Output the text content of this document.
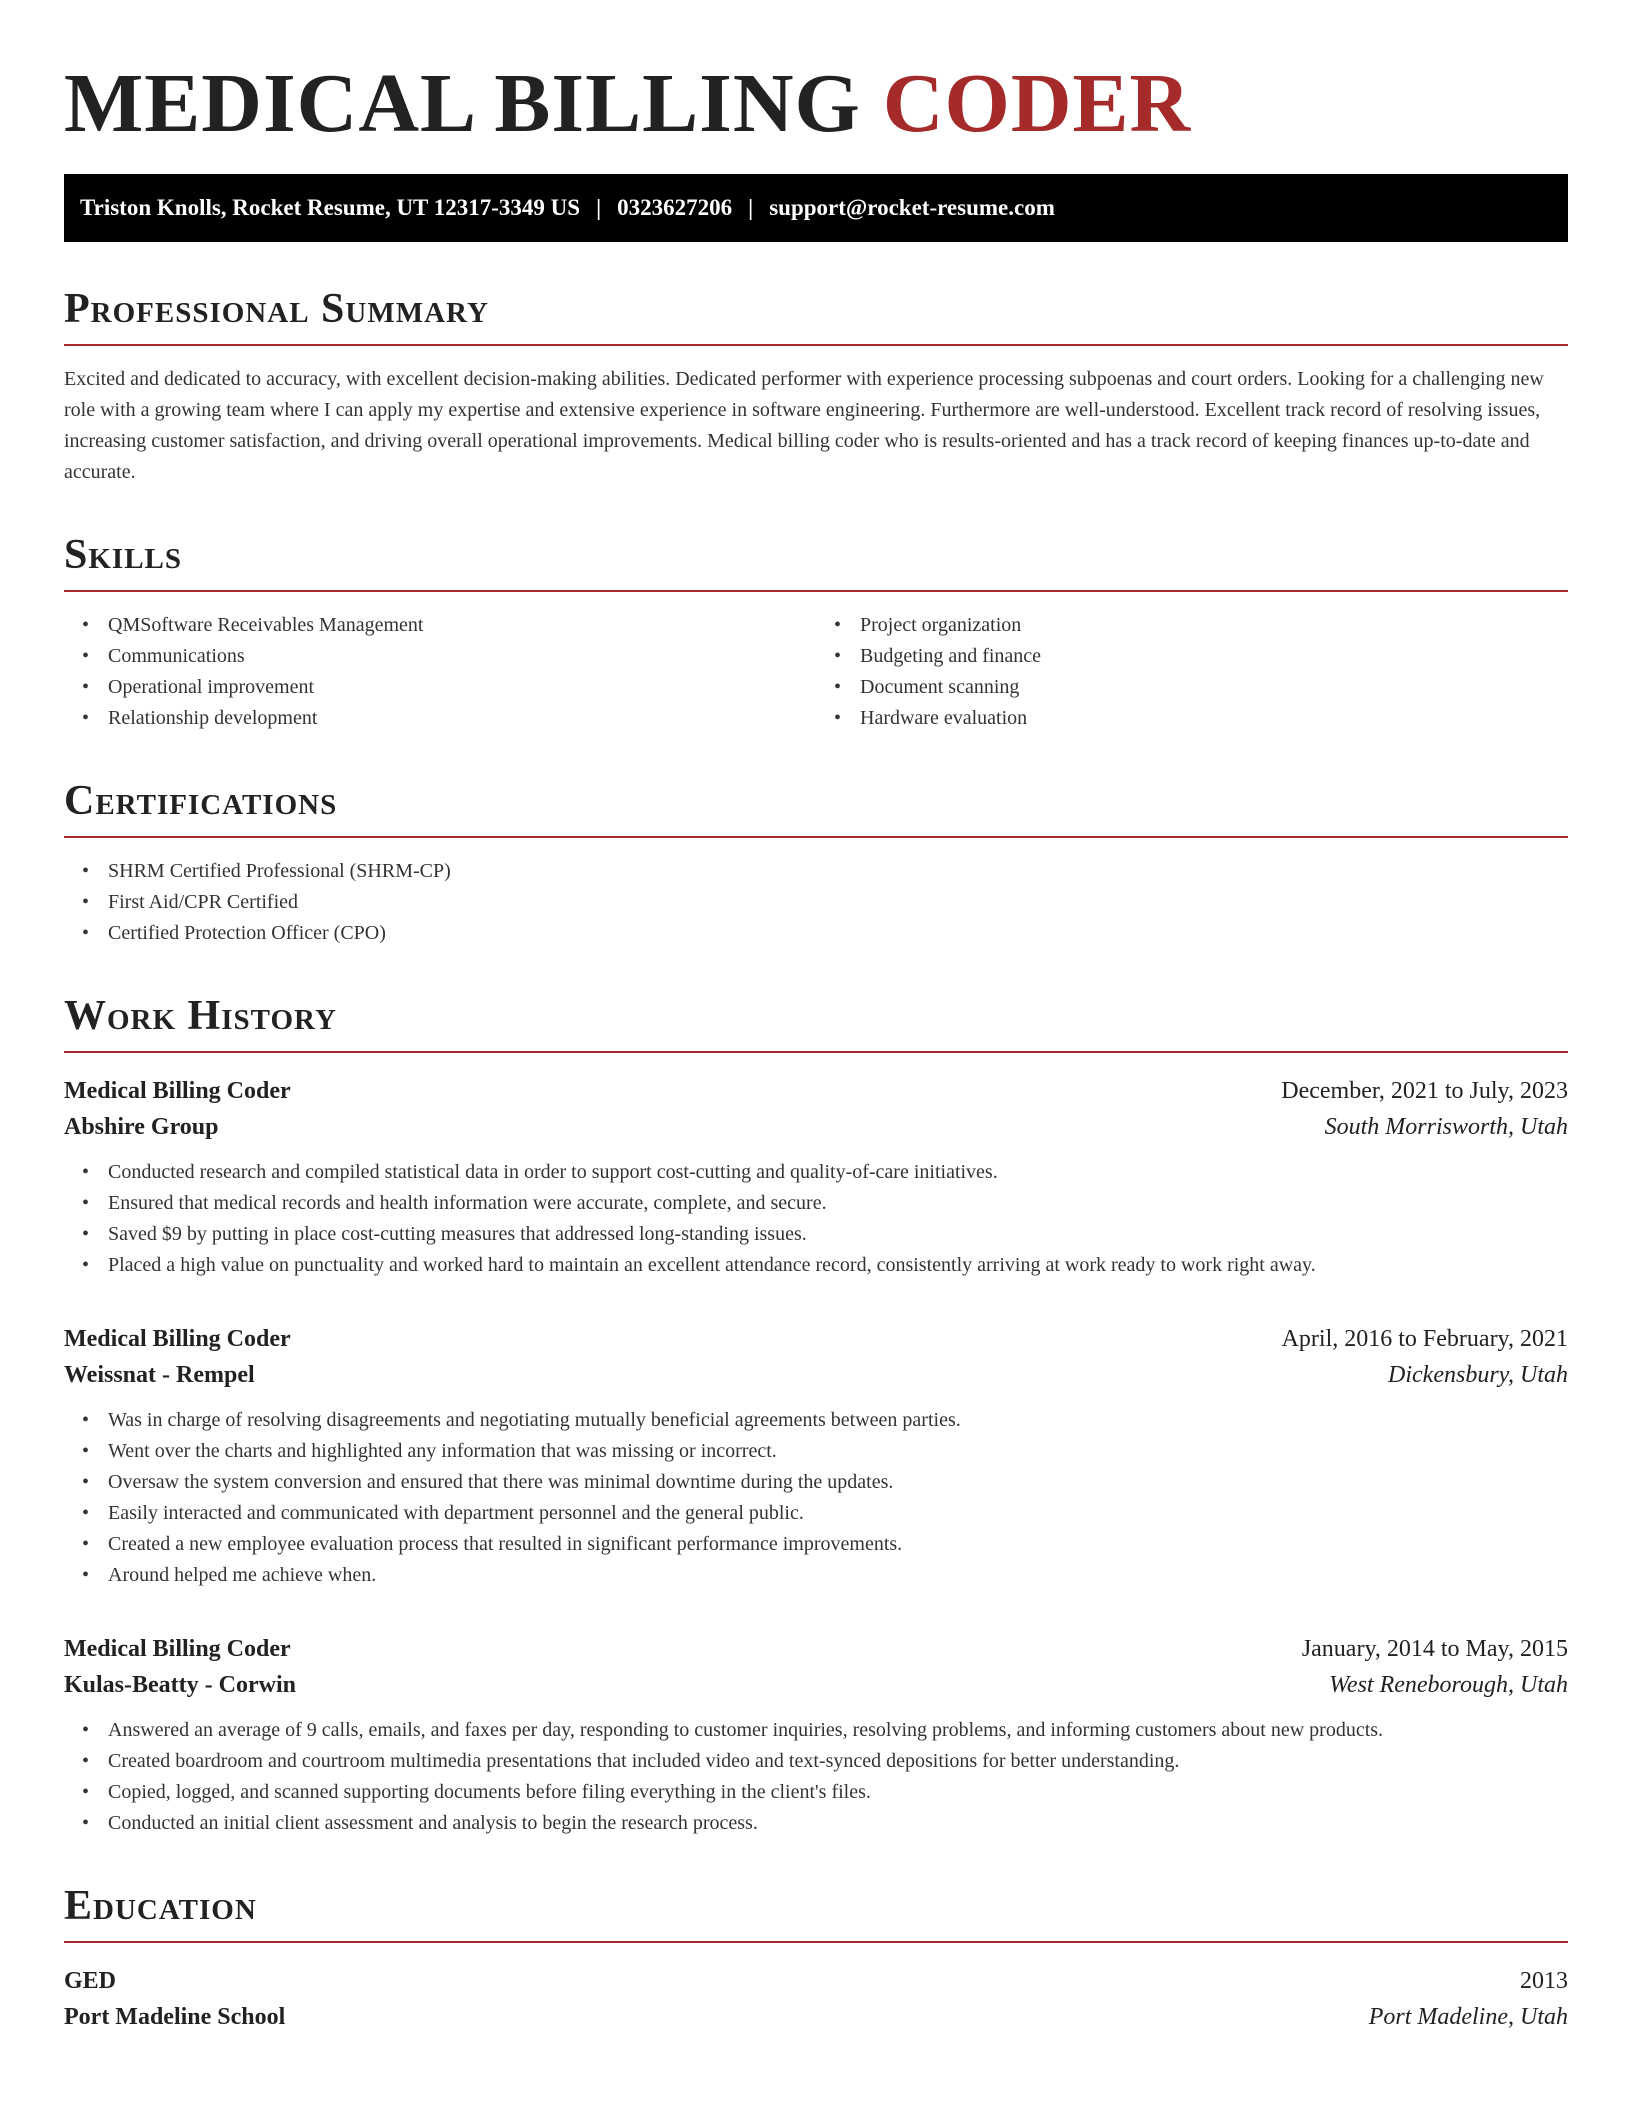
MEDICAL BILLING CODER
Triston Knolls, Rocket Resume, UT 12317-3349 US | 0323627206 | support@rocket-resume.com
Professional Summary

Excited and dedicated to accuracy, with excellent decision-making abilities. Dedicated performer with experience processing subpoenas and court orders. Looking for a challenging new role with a growing team where I can apply my expertise and extensive experience in software engineering. Furthermore are well-understood. Excellent track record of resolving issues, increasing customer satisfaction, and driving overall operational improvements. Medical billing coder who is results-oriented and has a track record of keeping finances up-to-date and accurate.

Skills
• QMSoftware Receivables Management
• Communications
• Operational improvement
• Relationship development
• Project organization
• Budgeting and finance
• Document scanning
• Hardware evaluation
Certifications
• SHRM Certified Professional (SHRM-CP)
• First Aid/CPR Certified
• Certified Protection Officer (CPO)
Work History
Medical Billing Coder	December, 2021 to July, 2023
Abshire Group	South Morrisworth, Utah
• Conducted research and compiled statistical data in order to support cost-cutting and quality-of-care initiatives.
• Ensured that medical records and health information were accurate, complete, and secure.
• Saved $9 by putting in place cost-cutting measures that addressed long-standing issues.
• Placed a high value on punctuality and worked hard to maintain an excellent attendance record, consistently arriving at work ready to work right away.
Medical Billing Coder	April, 2016 to February, 2021
Weissnat - Rempel	Dickensbury, Utah
• Was in charge of resolving disagreements and negotiating mutually beneficial agreements between parties.
• Went over the charts and highlighted any information that was missing or incorrect.
• Oversaw the system conversion and ensured that there was minimal downtime during the updates.
• Easily interacted and communicated with department personnel and the general public.
• Created a new employee evaluation process that resulted in significant performance improvements.
• Around helped me achieve when.
Medical Billing Coder	January, 2014 to May, 2015
Kulas-Beatty - Corwin	West Reneborough, Utah
• Answered an average of 9 calls, emails, and faxes per day, responding to customer inquiries, resolving problems, and informing customers about new products.
• Created boardroom and courtroom multimedia presentations that included video and text-synced depositions for better understanding.
• Copied, logged, and scanned supporting documents before filing everything in the client's files.
• Conducted an initial client assessment and analysis to begin the research process.
Education
GED	2013
Port Madeline School	Port Madeline, Utah
